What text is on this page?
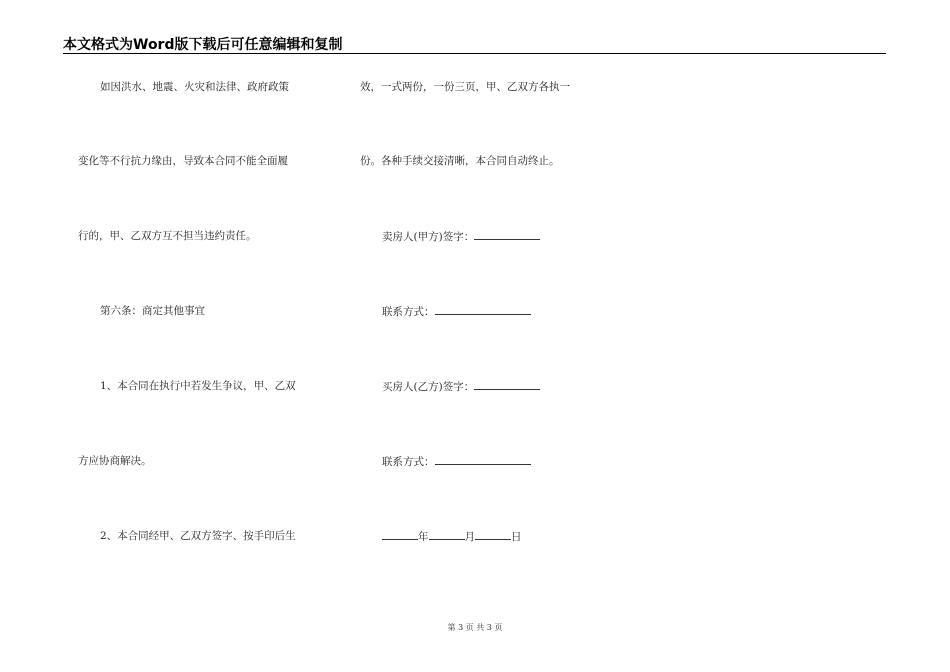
本文格式为Word版下载后可任意编辑和复制
如因洪水、地震、火灾和法律、政府政策
变化等不行抗力缘由，导致本合同不能全面履
行的，甲、乙双方互不担当违约责任。
第六条：商定其他事宜
1、本合同在执行中若发生争议，甲、乙双
方应协商解决。
2、本合同经甲、乙双方签字、按手印后生
效，一式两份，一份三页，甲、乙双方各执一
份。各种手续交接清晰，本合同自动终止。
卖房人(甲方)签字：
联系方式：
买房人(乙方)签字：
联系方式：
年	月	日
第 3 页 共 3 页
